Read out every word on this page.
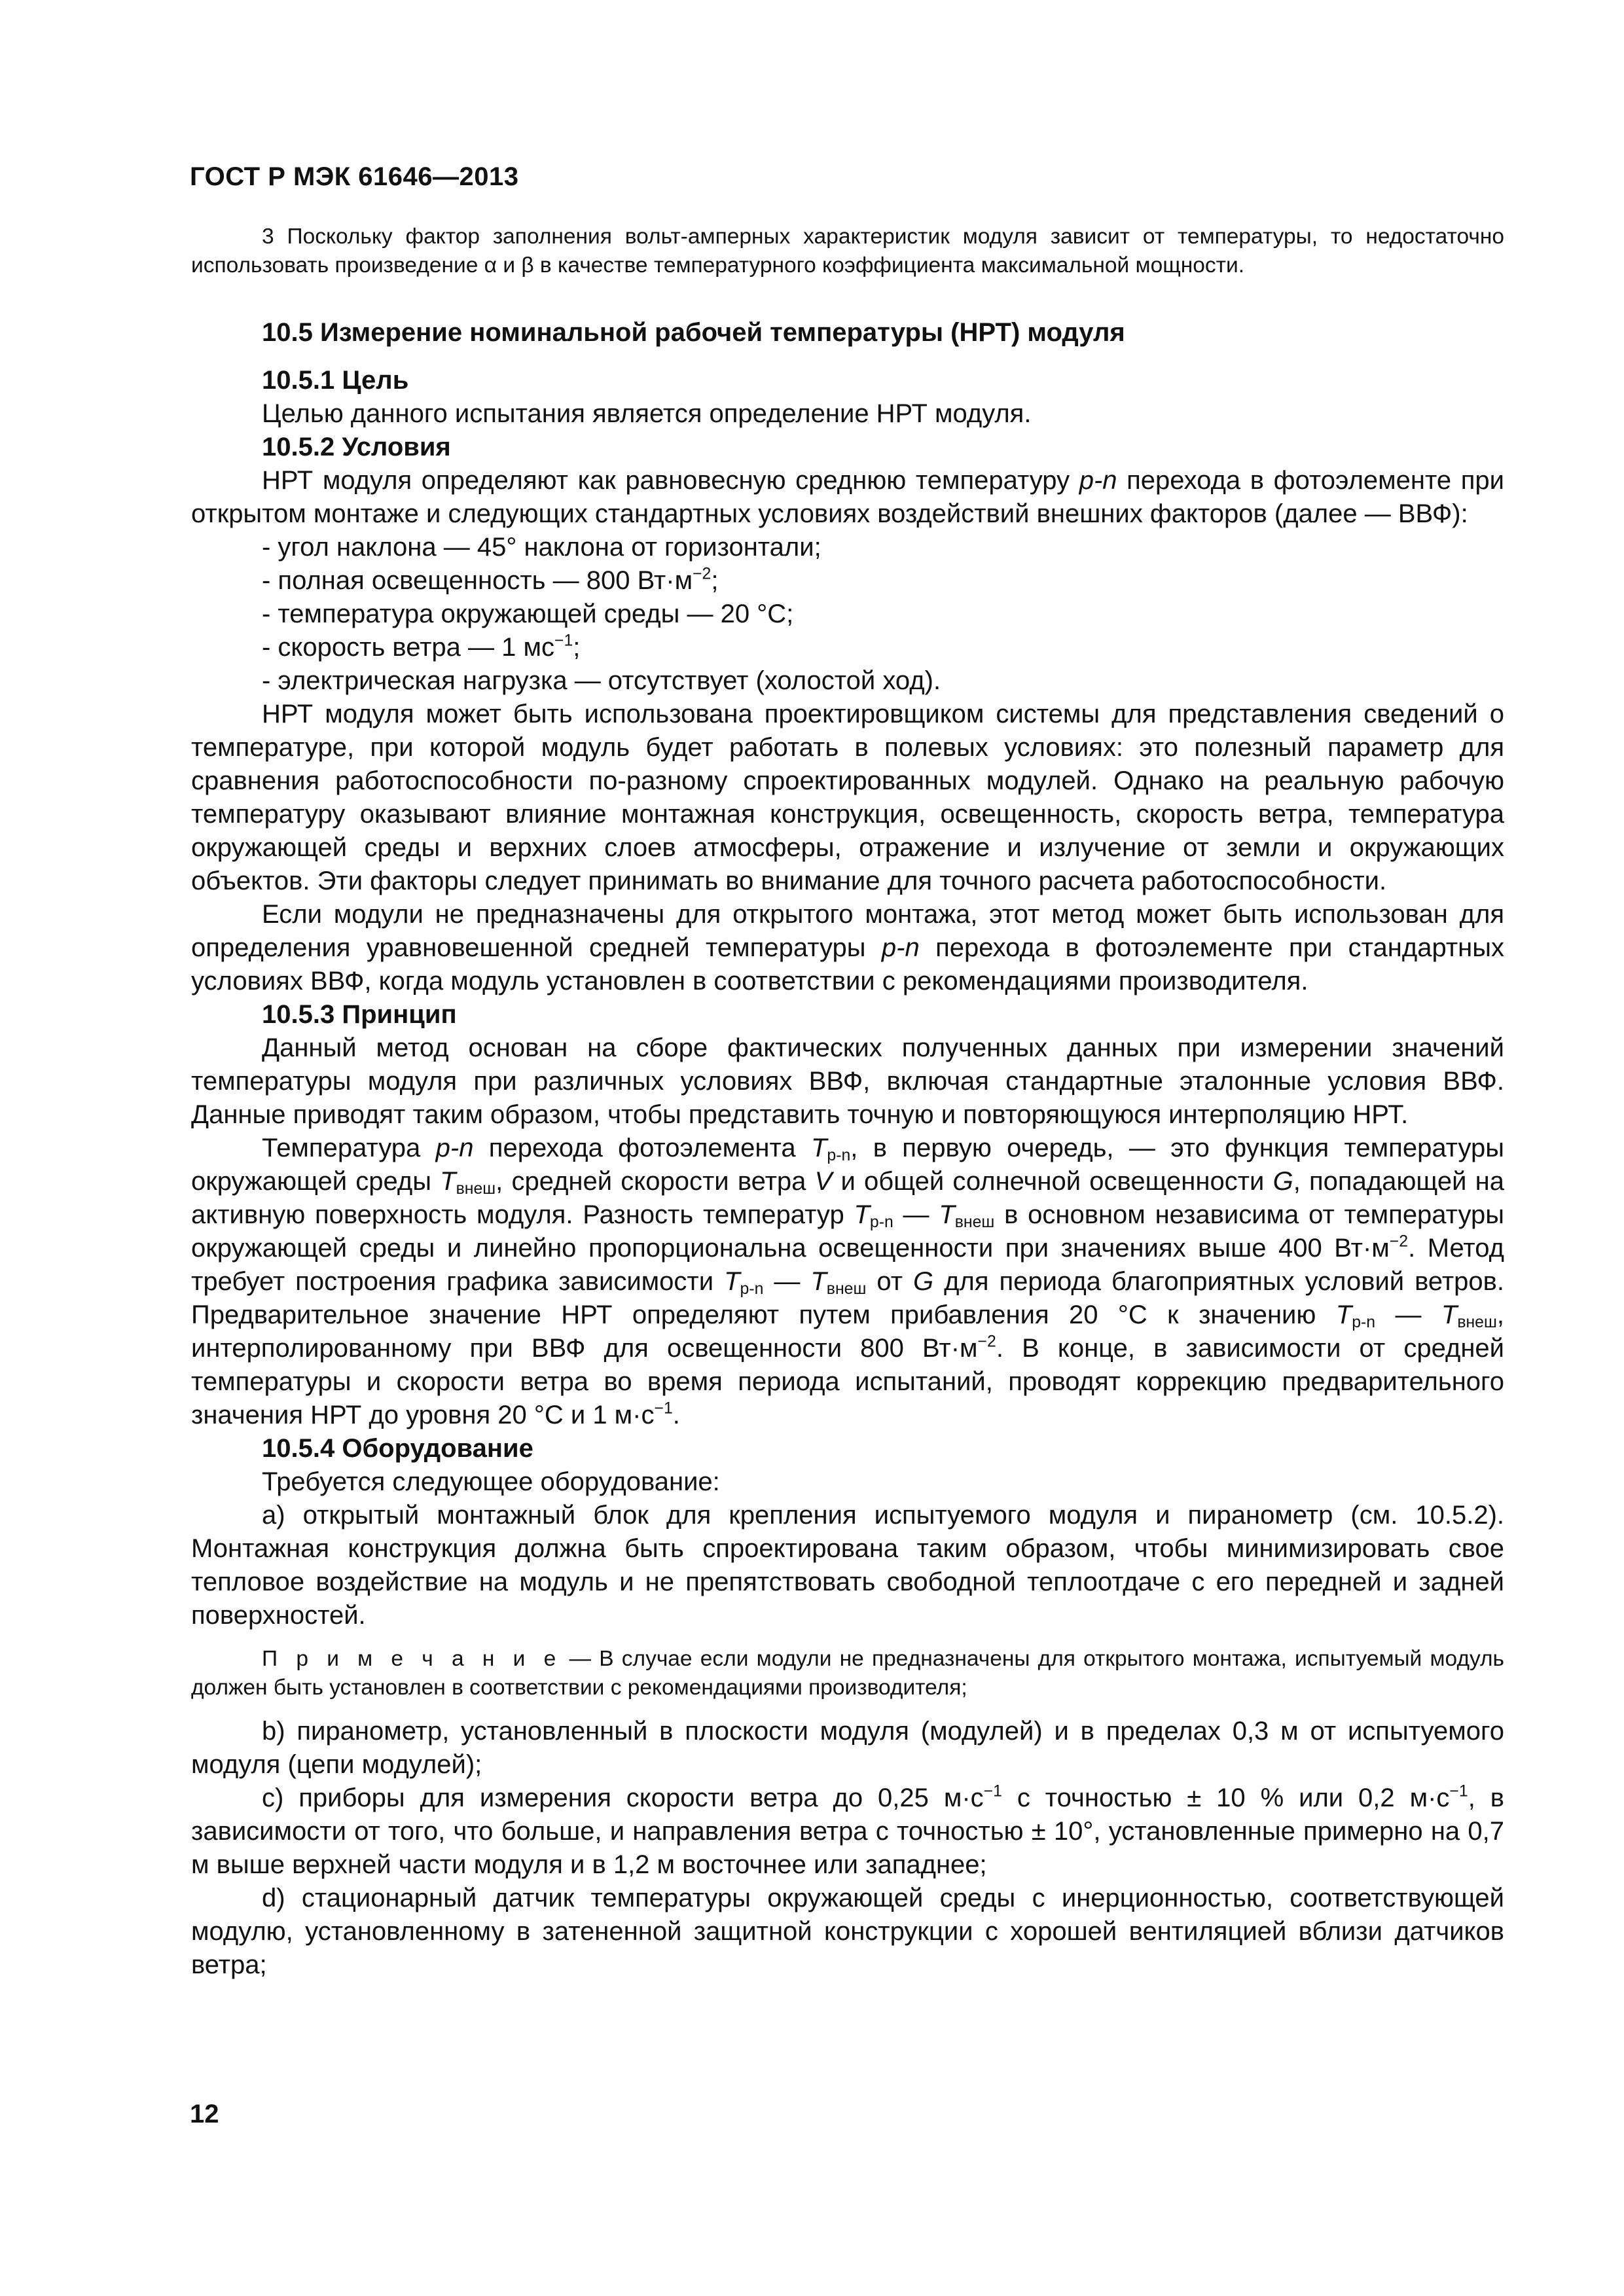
ГОСТ Р МЭК 61646—2013

3 Поскольку фактор заполнения вольт-амперных характеристик модуля зависит от температуры, то недостаточно использовать произведение α и β в качестве температурного коэффициента максимальной мощности.

10.5 Измерение номинальной рабочей температуры (НРТ) модуля

10.5.1 Цель

Целью данного испытания является определение НРТ модуля.

10.5.2 Условия

НРТ модуля определяют как равновесную среднюю температуру p-n перехода в фотоэлементе при открытом монтаже и следующих стандартных условиях воздействий внешних факторов (далее — ВВФ):

- угол наклона — 45° наклона от горизонтали;

- полная освещенность — 800 $Вт\cdot м^{-2}$;

- температура окружающей среды — 20 °C;

- скорость ветра — 1 $мс^{-1}$;

- электрическая нагрузка — отсутствует (холостой ход).

НРТ модуля может быть использована проектировщиком системы для представления сведений о температуре, при которой модуль будет работать в полевых условиях: это полезный параметр для сравнения работоспособности по-разному спроектированных модулей. Однако на реальную рабочую температуру оказывают влияние монтажная конструкция, освещенность, скорость ветра, температура окружающей среды и верхних слоев атмосферы, отражение и излучение от земли и окружающих объектов. Эти факторы следует принимать во внимание для точного расчета работоспособности.

Если модули не предназначены для открытого монтажа, этот метод может быть использован для определения уравновешенной средней температуры p-n перехода в фотоэлементе при стандартных условиях ВВФ, когда модуль установлен в соответствии с рекомендациями производителя.

10.5.3 Принцип

Данный метод основан на сборе фактических полученных данных при измерении значений температуры модуля при различных условиях ВВФ, включая стандартные эталонные условия ВВФ. Данные приводят таким образом, чтобы представить точную и повторяющуюся интерполяцию НРТ.

Температура p-n перехода фотоэлемента $T_{p-n}$, в первую очередь, — это функция температуры окружающей среды $T_{внеш}$, средней скорости ветра V и общей солнечной освещенности G, попадающей на активную поверхность модуля. Разность температур $T_{p-n}$ — $T_{внеш}$ в основном независима от температуры окружающей среды и линейно пропорциональна освещенности при значениях выше 400 $Вт\cdot м^{-2}$. Метод требует построения графика зависимости $T_{p-n}$ — $T_{внеш}$ от G для периода благоприятных условий ветров. Предварительное значение НРТ определяют путем прибавления 20 °C к значению $T_{p-n}$ — $T_{внеш}$, интерполированному при ВВФ для освещенности 800 $Вт\cdot м^{-2}$. В конце, в зависимости от средней температуры и скорости ветра во время периода испытаний, проводят коррекцию предварительного значения НРТ до уровня 20 °C и 1 $м\cdot с^{-1}$.

10.5.4 Оборудование

Требуется следующее оборудование:

a) открытый монтажный блок для крепления испытуемого модуля и пиранометр (см. 10.5.2). Монтажная конструкция должна быть спроектирована таким образом, чтобы минимизировать свое тепловое воздействие на модуль и не препятствовать свободной теплоотдаче с его передней и задней поверхностей.

П р и м е ч а н и е — В случае если модули не предназначены для открытого монтажа, испытуемый модуль должен быть установлен в соответствии с рекомендациями производителя;

b) пиранометр, установленный в плоскости модуля (модулей) и в пределах 0,3 м от испытуемого модуля (цепи модулей);

c) приборы для измерения скорости ветра до 0,25 $м\cdot с^{-1}$ с точностью ± 10 % или 0,2 $м\cdot с^{-1}$, в зависимости от того, что больше, и направления ветра с точностью ± 10°, установленные примерно на 0,7 м выше верхней части модуля и в 1,2 м восточнее или западнее;

d) стационарный датчик температуры окружающей среды с инерционностью, соответствующей модулю, установленному в затененной защитной конструкции с хорошей вентиляцией вблизи датчиков ветра;

12
